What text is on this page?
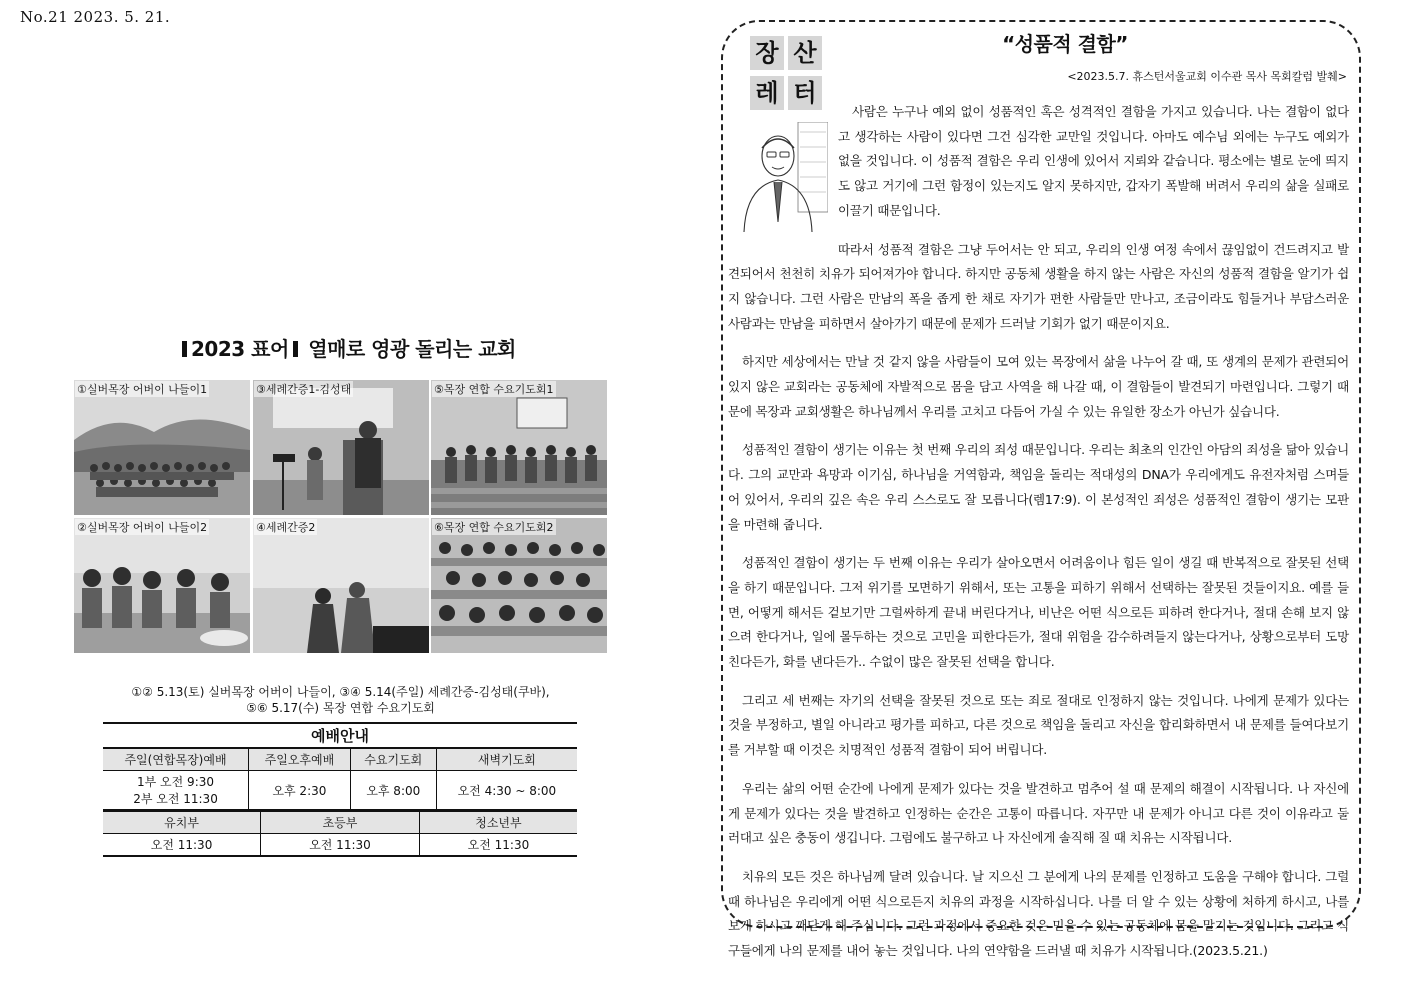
No.21 2023. 5. 21.
2023 표어 열매로 영광 돌리는 교회
①실버목장 어버이 나들이1	③세례간증1-김성태	⑤목장 연합 수요기도회1
②실버목장 어버이 나들이2	④세례간증2	⑥목장 연합 수요기도회2
①② 5.13(토) 실버목장 어버이 나들이, ③④ 5.14(주일) 세례간증-김성태(쿠바),
⑤⑥ 5.17(수) 목장 연합 수요기도회
예배안내
주일(연합목장)예배	주일오후예배	수요기도회	새벽기도회

1부 오전 9:30
2부 오전 11:30	오후 2:30	오후 8:00	오전 4:30 ~ 8:00
유치부	초등부	청소년부
오전 11:30	오전 11:30	오전 11:30
장 산
레 터
“성품적 결함”
<2023.5.7. 휴스턴서울교회 이수관 목사 목회칼럼 발췌>

사람은 누구나 예외 없이 성품적인 혹은 성격적인 결함을 가지고 있습니다. 나는 결함이 없다고 생각하는 사람이 있다면 그건 심각한 교만일 것입니다. 아마도 예수님 외에는 누구도 예외가 없을 것입니다. 이 성품적 결함은 우리 인생에 있어서 지뢰와 같습니다. 평소에는 별로 눈에 띄지도 않고 거기에 그런 함정이 있는지도 알지 못하지만, 갑자기 폭발해 버려서 우리의 삶을 실패로 이끌기 때문입니다.

따라서 성품적 결함은 그냥 두어서는 안 되고, 우리의 인생 여정 속에서 끊임없이 건드려지고 발견되어서 천천히 치유가 되어져가야 합니다. 하지만 공동체 생활을 하지 않는 사람은 자신의 성품적 결함을 알기가 쉽지 않습니다. 그런 사람은 만남의 폭을 좁게 한 채로 자기가 편한 사람들만 만나고, 조금이라도 힘들거나 부담스러운 사람과는 만남을 피하면서 살아가기 때문에 문제가 드러날 기회가 없기 때문이지요.

하지만 세상에서는 만날 것 같지 않을 사람들이 모여 있는 목장에서 삶을 나누어 갈 때, 또 생계의 문제가 관련되어 있지 않은 교회라는 공동체에 자발적으로 몸을 담고 사역을 해 나갈 때, 이 결함들이 발견되기 마련입니다. 그렇기 때문에 목장과 교회생활은 하나님께서 우리를 고치고 다듬어 가실 수 있는 유일한 장소가 아닌가 싶습니다.

성품적인 결함이 생기는 이유는 첫 번째 우리의 죄성 때문입니다. 우리는 최초의 인간인 아담의 죄성을 닮아 있습니다. 그의 교만과 욕망과 이기심, 하나님을 거역함과, 책임을 돌리는 적대성의 DNA가 우리에게도 유전자처럼 스며들어 있어서, 우리의 깊은 속은 우리 스스로도 잘 모릅니다(렘17:9). 이 본성적인 죄성은 성품적인 결함이 생기는 모판을 마련해 줍니다.

성품적인 결함이 생기는 두 번째 이유는 우리가 살아오면서 어려움이나 힘든 일이 생길 때 반복적으로 잘못된 선택을 하기 때문입니다. 그저 위기를 모면하기 위해서, 또는 고통을 피하기 위해서 선택하는 잘못된 것들이지요. 예를 들면, 어떻게 해서든 겉보기만 그럴싸하게 끝내 버린다거나, 비난은 어떤 식으로든 피하려 한다거나, 절대 손해 보지 않으려 한다거나, 일에 몰두하는 것으로 고민을 피한다든가, 절대 위험을 감수하려들지 않는다거나, 상황으로부터 도망친다든가, 화를 낸다든가.. 수없이 많은 잘못된 선택을 합니다.

그리고 세 번째는 자기의 선택을 잘못된 것으로 또는 죄로 절대로 인정하지 않는 것입니다. 나에게 문제가 있다는 것을 부정하고, 별일 아니라고 평가를 피하고, 다른 것으로 책임을 돌리고 자신을 합리화하면서 내 문제를 들여다보기를 거부할 때 이것은 치명적인 성품적 결함이 되어 버립니다.

우리는 삶의 어떤 순간에 나에게 문제가 있다는 것을 발견하고 멈추어 설 때 문제의 해결이 시작됩니다. 나 자신에게 문제가 있다는 것을 발견하고 인정하는 순간은 고통이 따릅니다. 자꾸만 내 문제가 아니고 다른 것이 이유라고 둘러대고 싶은 충동이 생깁니다. 그럼에도 불구하고 나 자신에게 솔직해 질 때 치유는 시작됩니다.

치유의 모든 것은 하나님께 달려 있습니다. 날 지으신 그 분에게 나의 문제를 인정하고 도움을 구해야 합니다. 그럴 때 하나님은 우리에게 어떤 식으로든지 치유의 과정을 시작하십니다. 나를 더 알 수 있는 상황에 처하게 하시고, 나를 보게 하시고 깨닫게 해 주십니다. 그런 과정에서 중요한 것은 믿을 수 있는 공동체에 몸을 맡기는 것입니다. 그리고 식구들에게 나의 문제를 내어 놓는 것입니다. 나의 연약함을 드러낼 때 치유가 시작됩니다.(2023.5.21.)
